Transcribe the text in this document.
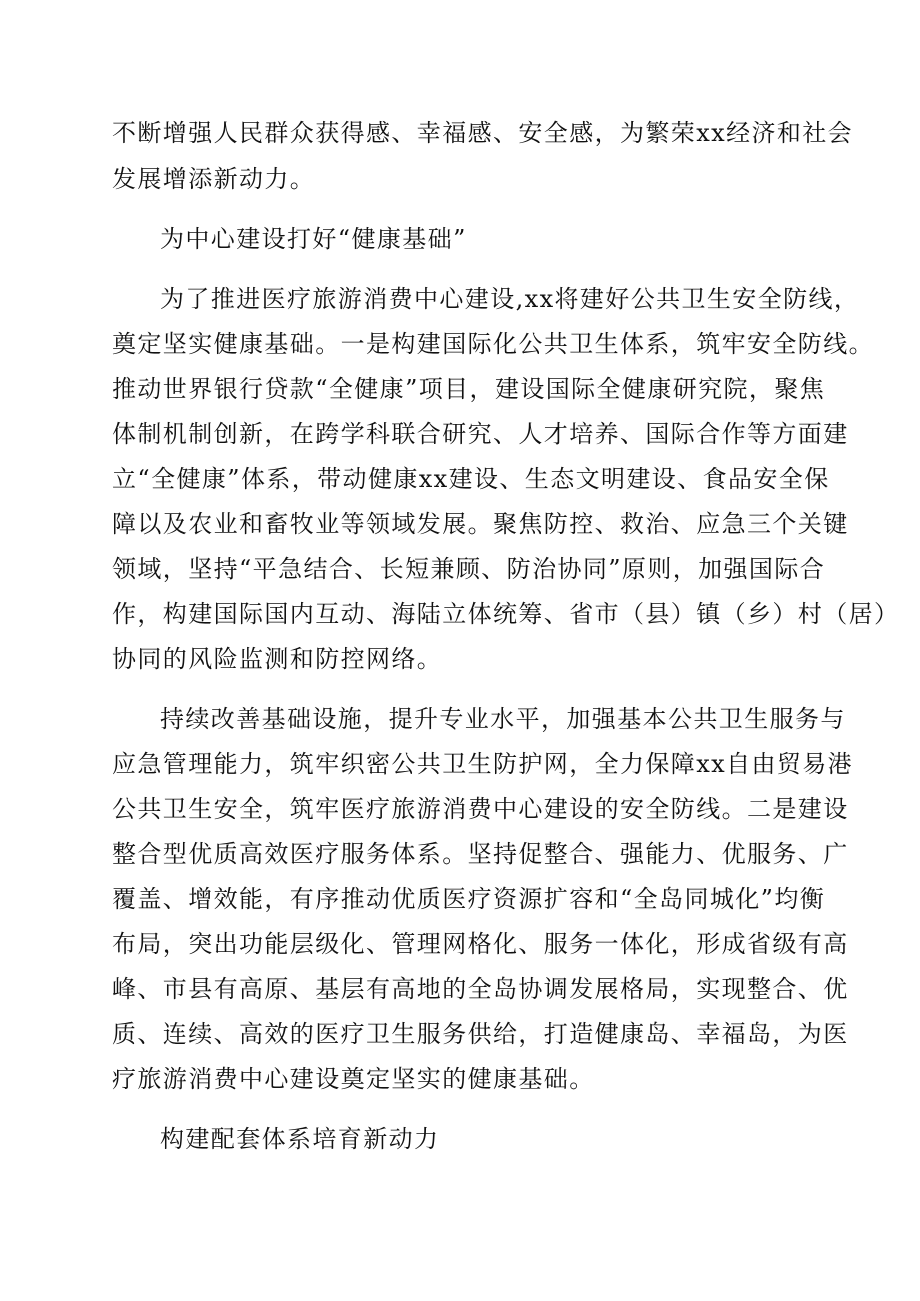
不断增强人民群众获得感、幸福感、安全感，为繁荣xx经济和社会
发展增添新动力。
为中心建设打好“健康基础”
为了推进医疗旅游消费中心建设,xx将建好公共卫生安全防线，
奠定坚实健康基础。一是构建国际化公共卫生体系，筑牢安全防线。
推动世界银行贷款“全健康”项目，建设国际全健康研究院，聚焦
体制机制创新，在跨学科联合研究、人才培养、国际合作等方面建
立“全健康”体系，带动健康xx建设、生态文明建设、食品安全保
障以及农业和畜牧业等领域发展。聚焦防控、救治、应急三个关键
领域，坚持“平急结合、长短兼顾、防治协同”原则，加强国际合
作，构建国际国内互动、海陆立体统筹、省市（县）镇（乡）村（居）
协同的风险监测和防控网络。
持续改善基础设施，提升专业水平，加强基本公共卫生服务与
应急管理能力，筑牢织密公共卫生防护网，全力保障xx自由贸易港
公共卫生安全，筑牢医疗旅游消费中心建设的安全防线。二是建设
整合型优质高效医疗服务体系。坚持促整合、强能力、优服务、广
覆盖、增效能，有序推动优质医疗资源扩容和“全岛同城化”均衡
布局，突出功能层级化、管理网格化、服务一体化，形成省级有高
峰、市县有高原、基层有高地的全岛协调发展格局，实现整合、优
质、连续、高效的医疗卫生服务供给，打造健康岛、幸福岛，为医
疗旅游消费中心建设奠定坚实的健康基础。
构建配套体系培育新动力
